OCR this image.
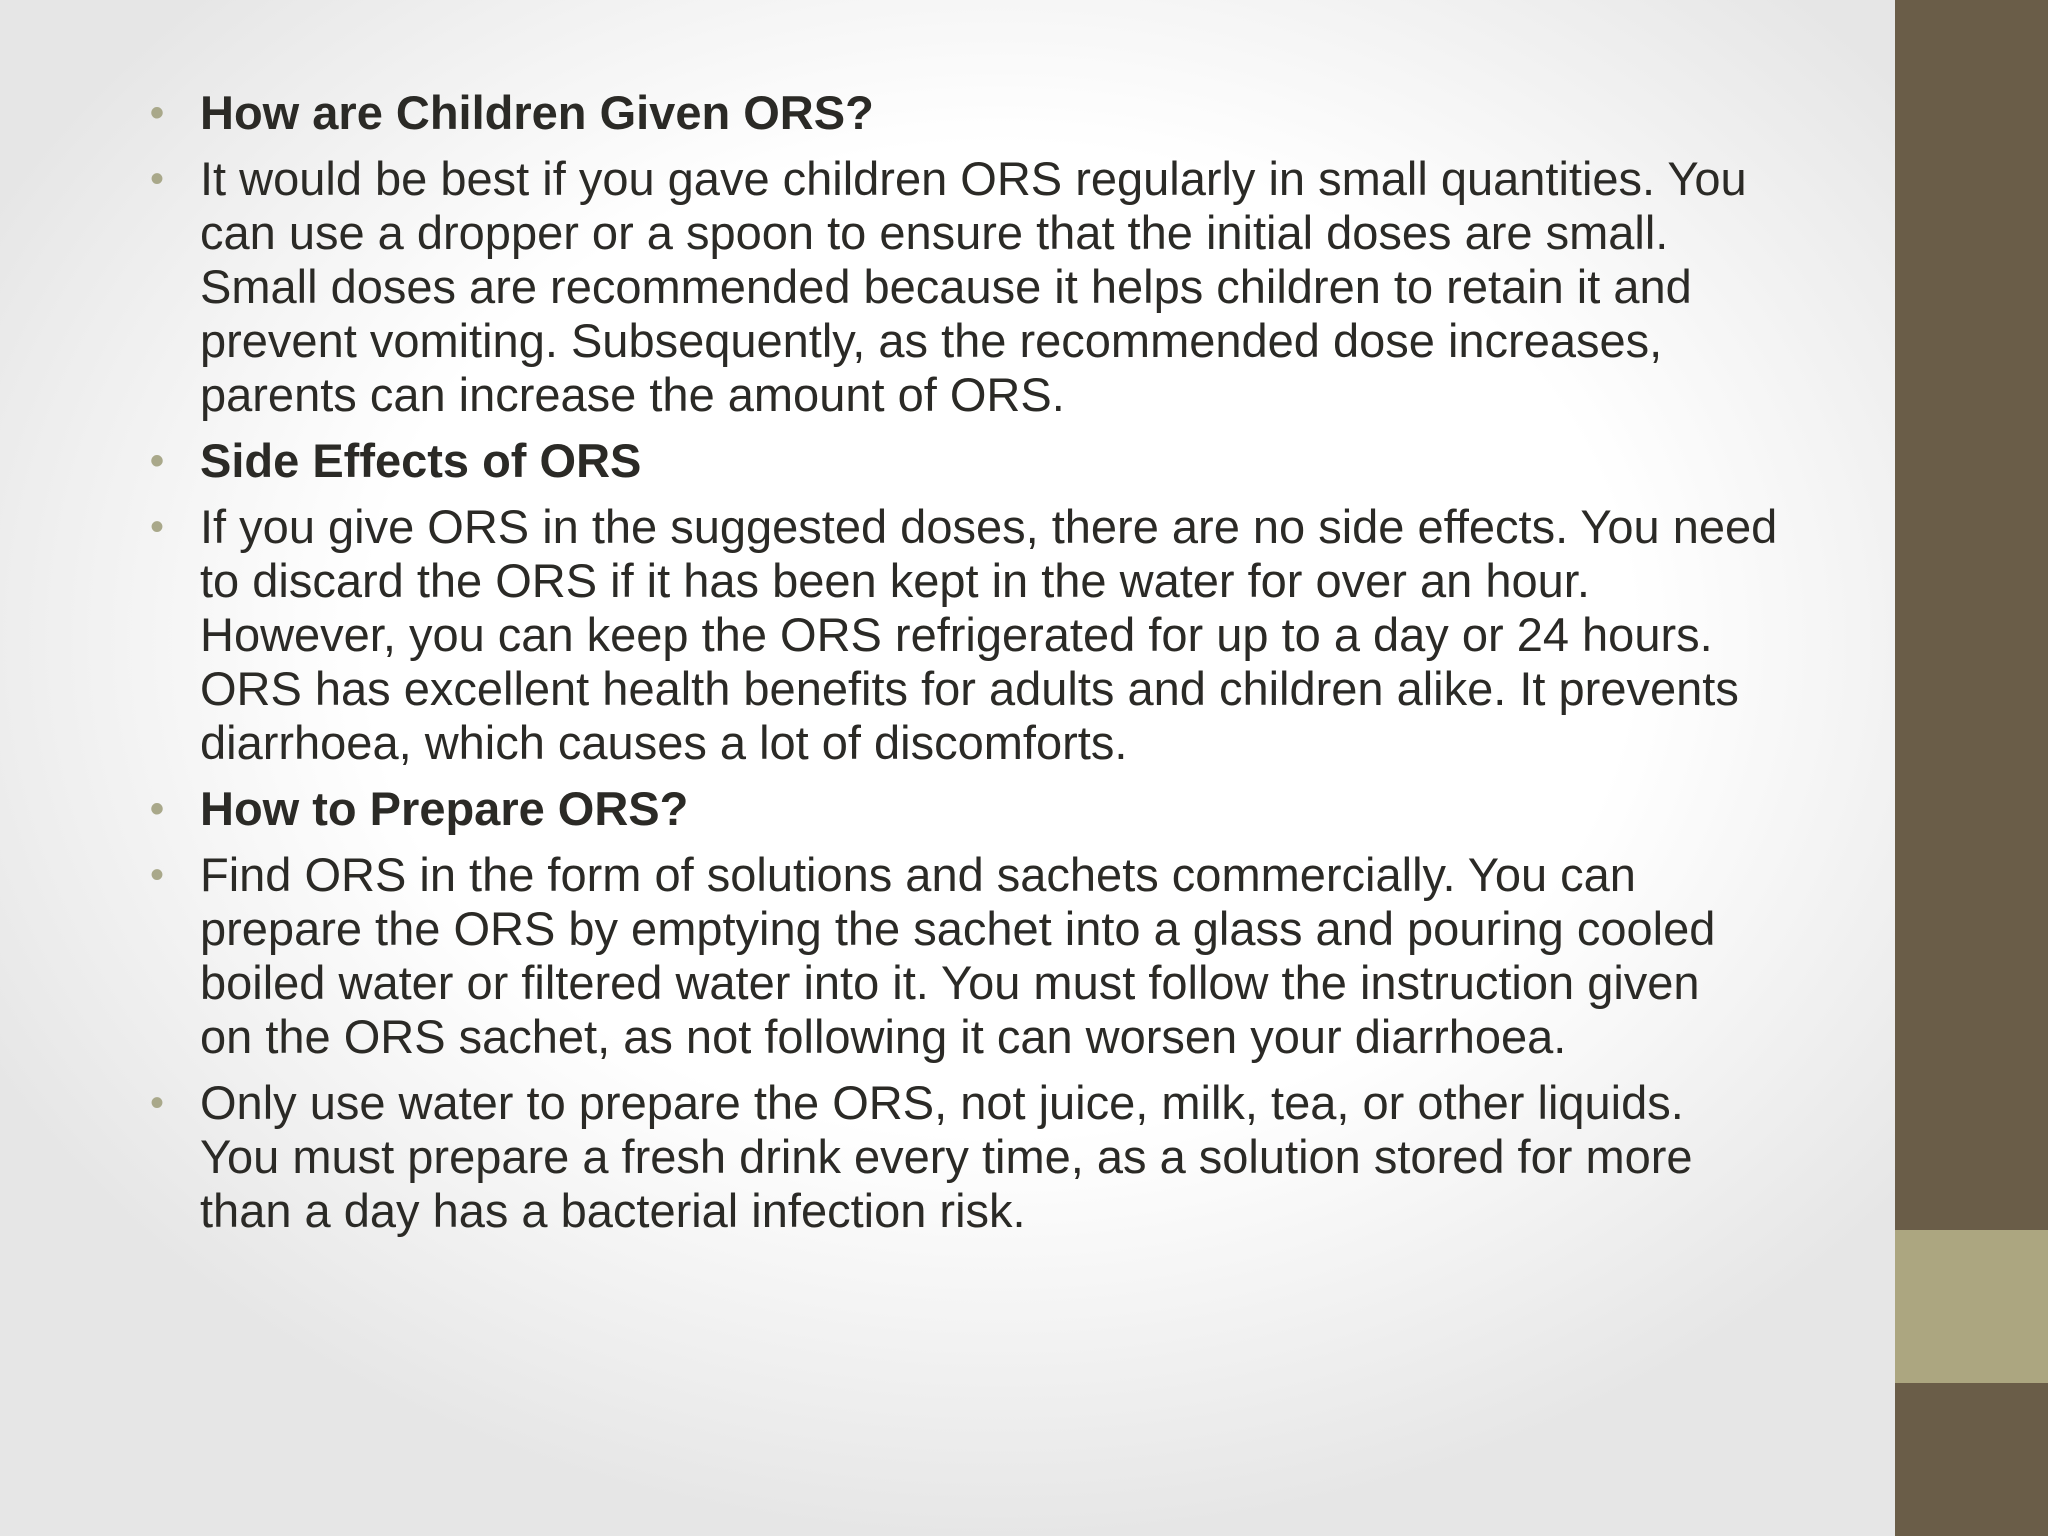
• How are Children Given ORS?
• It would be best if you gave children ORS regularly in small quantities. You
can use a dropper or a spoon to ensure that the initial doses are small.
Small doses are recommended because it helps children to retain it and
prevent vomiting. Subsequently, as the recommended dose increases,
parents can increase the amount of ORS.
• Side Effects of ORS
• If you give ORS in the suggested doses, there are no side effects. You need
to discard the ORS if it has been kept in the water for over an hour.
However, you can keep the ORS refrigerated for up to a day or 24 hours.
ORS has excellent health benefits for adults and children alike. It prevents
diarrhoea, which causes a lot of discomforts.
• How to Prepare ORS?
• Find ORS in the form of solutions and sachets commercially. You can
prepare the ORS by emptying the sachet into a glass and pouring cooled
boiled water or filtered water into it. You must follow the instruction given
on the ORS sachet, as not following it can worsen your diarrhoea.
• Only use water to prepare the ORS, not juice, milk, tea, or other liquids.
You must prepare a fresh drink every time, as a solution stored for more
than a day has a bacterial infection risk.
